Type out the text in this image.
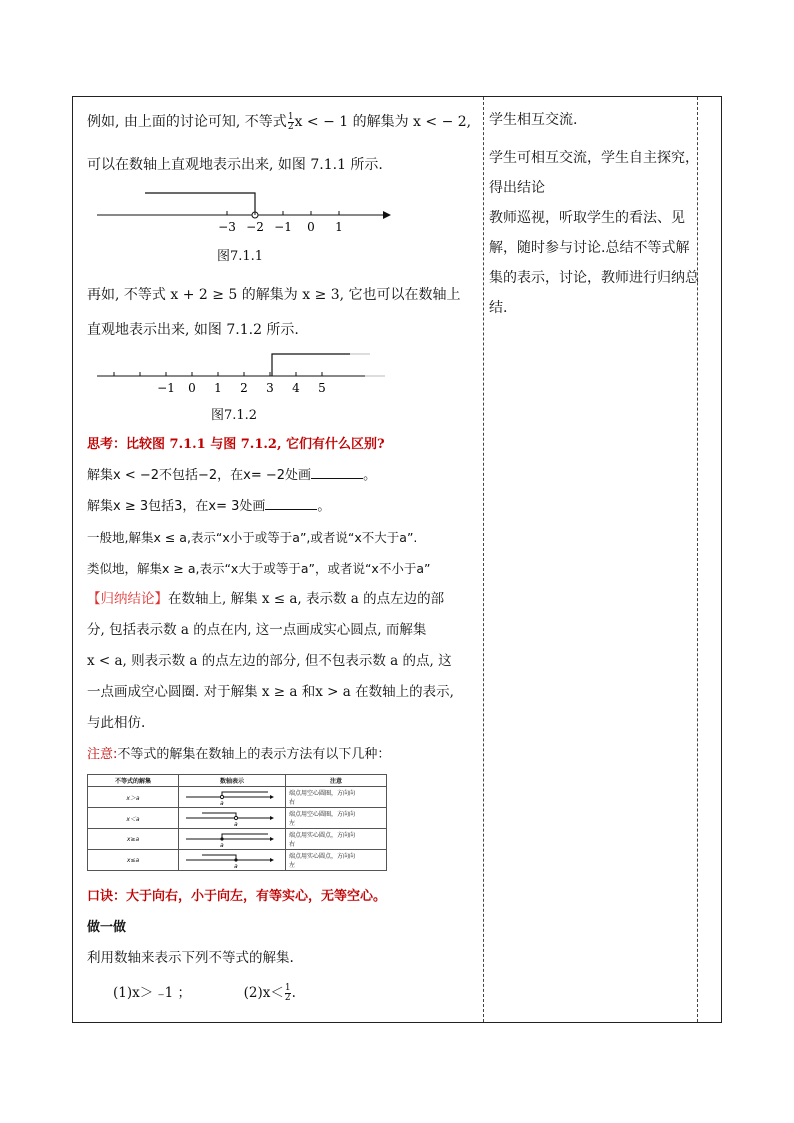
例如, 由上面的讨论可知, 不等式 $\frac{1}{2}$ x < − 1 的解集为 x < − 2,

可以在数轴上直观地表示出来, 如图 7.1.1 所示.

−3 −2 −1 0 1
图7.1.1

再如, 不等式 x + 2 ≥ 5 的解集为 x ≥ 3, 它也可以在数轴上

直观地表示出来, 如图 7.1.2 所示.

−1 0 1 2 3 4 5
图7.1.2

思考：比较图 7.1.1 与图 7.1.2, 它们有什么区别?

解集x < −2不包括−2，在x= −2处画	。

解集x ≥ 3包括3，在x= 3处画	。

一般地,解集x ≤ a,表示“x小于或等于a”,或者说“x不大于a”.

类似地，解集x ≥ a,表示“x大于或等于a”，或者说“x不小于a”

【归纳结论】在数轴上, 解集 x ≤ a, 表示数 a 的点左边的部

分, 包括表示数 a 的点在内, 这一点画成实心圆点, 而解集

x < a, 则表示数 a 的点左边的部分, 但不包表示数 a 的点, 这

一点画成空心圆圈. 对于解集 x ≥ a 和x > a 在数轴上的表示,

与此相仿.

注意:不等式的解集在数轴上的表示方法有以下几种：

不等式的解集	数轴表示	注意
x＞a	a	端点用空心圆圈，方向向
右

x＜a	a	端点用空心圆圈，方向向
左

x≥a	a	端点用实心圆点，方向向
右

x≤a	a	端点用实心圆点，方向向
左

口诀：大于向右，小于向左，有等实心，无等空心。

做一做

利用数轴来表示下列不等式的解集.

(1)x＞ ₋1 ；	$(2)x< \frac{1}{2}$ .

学生相互交流.
学生可相互交流，学生自主探究，得出结论
教师巡视，听取学生的看法、见解，随时参与讨论.总结不等式解集的表示，讨论，教师进行归纳总结.
